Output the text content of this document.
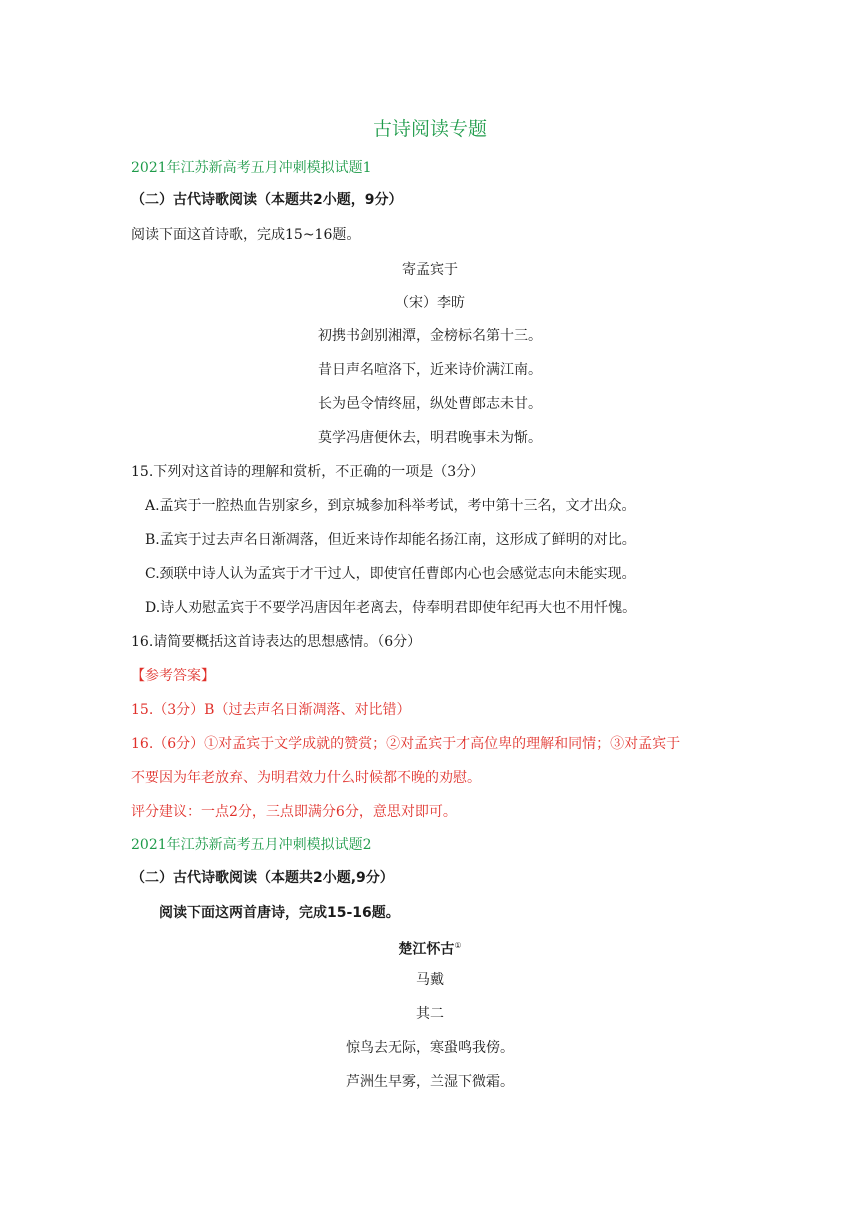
古诗阅读专题
2021年江苏新高考五月冲刺模拟试题1
（二）古代诗歌阅读（本题共2小题，9分）
阅读下面这首诗歌，完成15~16题。
寄孟宾于
（宋）李昉
初携书剑别湘潭，金榜标名第十三。
昔日声名喧洛下，近来诗价满江南。
长为邑令情终屈，纵处曹郎志未甘。
莫学冯唐便休去，明君晚事未为惭。
15.下列对这首诗的理解和赏析，不正确的一项是（3分）
A.孟宾于一腔热血告别家乡，到京城参加科举考试，考中第十三名，文才出众。
B.孟宾于过去声名日渐凋落，但近来诗作却能名扬江南，这形成了鲜明的对比。
C.颈联中诗人认为孟宾于才干过人，即使官任曹郎内心也会感觉志向未能实现。
D.诗人劝慰孟宾于不要学冯唐因年老离去，侍奉明君即使年纪再大也不用忏愧。
16.请简要概括这首诗表达的思想感情。（6分）
【参考答案】
15.（3分）B（过去声名日渐凋落、对比错）
16.（6分）①对孟宾于文学成就的赞赏；②对孟宾于才高位卑的理解和同情；③对孟宾于
不要因为年老放弃、为明君效力什么时候都不晚的劝慰。
评分建议：一点2分，三点即满分6分，意思对即可。
2021年江苏新高考五月冲刺模拟试题2
（二）古代诗歌阅读（本题共2小题,9分）
阅读下面这两首唐诗，完成15-16题。
楚江怀古①
马戴
其二
惊鸟去无际，寒蛩鸣我傍。
芦洲生早雾，兰湿下微霜。
